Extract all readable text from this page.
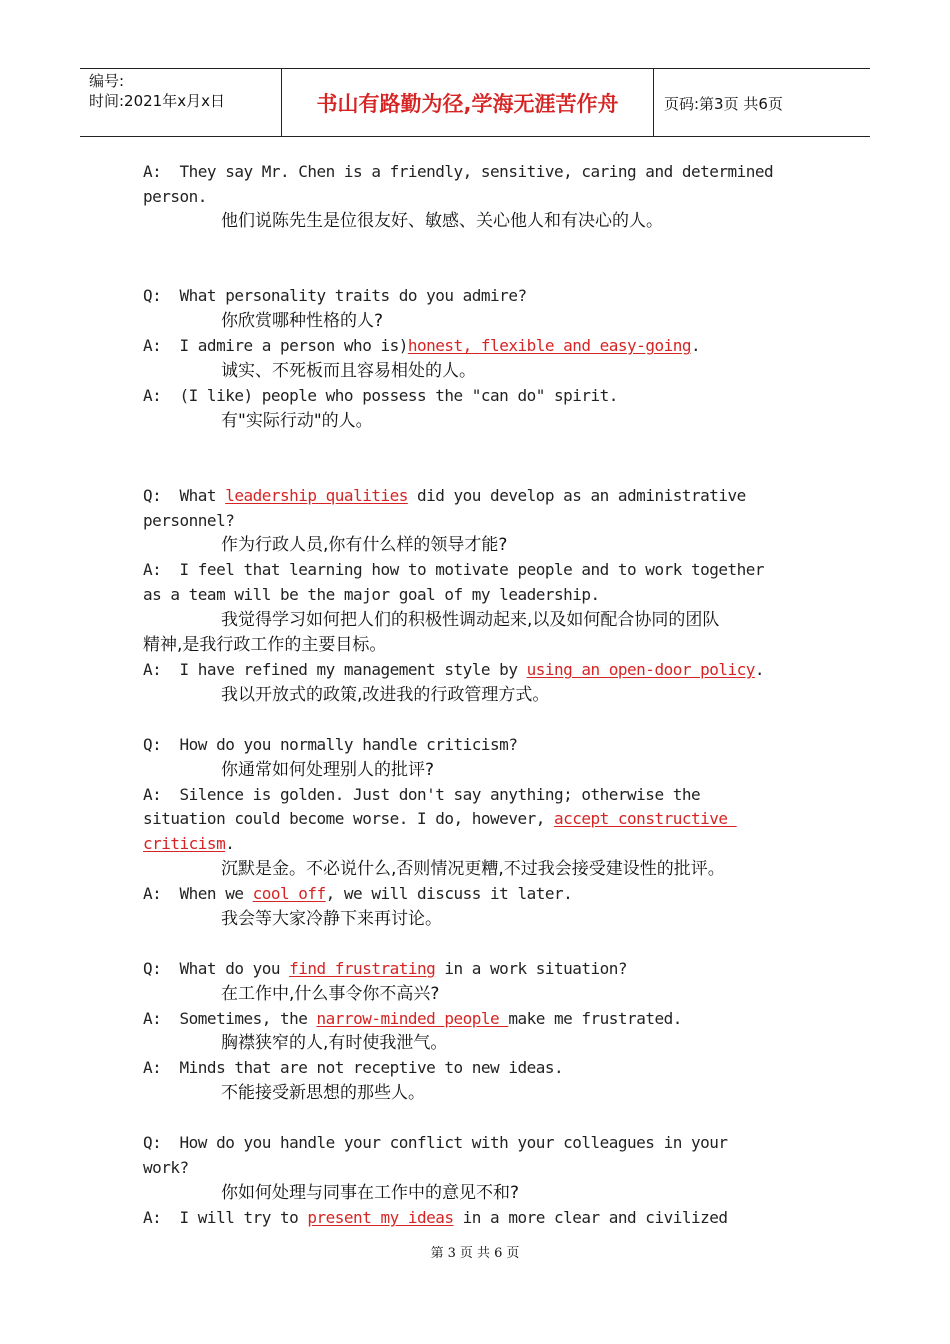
编号:
时间:2021年x月x日	书山有路勤为径,学海无涯苦作舟	页码:第3页 共6页
A:  They say Mr. Chen is a friendly, sensitive, caring and determined
person.
他们说陈先生是位很友好、敏感、关心他人和有决心的人。
Q:  What personality traits do you admire?
你欣赏哪种性格的人?
A:  I admire a person who is)honest, flexible and easy-going.
诚实、不死板而且容易相处的人。
A:  (I like) people who possess the "can do" spirit.
有"实际行动"的人。
Q:  What leadership qualities did you develop as an administrative
personnel?
作为行政人员,你有什么样的领导才能?
A:  I feel that learning how to motivate people and to work together
as a team will be the major goal of my leadership.
我觉得学习如何把人们的积极性调动起来,以及如何配合协同的团队
精神,是我行政工作的主要目标。
A:  I have refined my management style by using an open-door policy.
我以开放式的政策,改进我的行政管理方式。
Q:  How do you normally handle criticism?
你通常如何处理别人的批评?
A:  Silence is golden. Just don't say anything; otherwise the
situation could become worse. I do, however, accept constructive
criticism.
沉默是金。不必说什么,否则情况更糟,不过我会接受建设性的批评。
A:  When we cool off, we will discuss it later.
我会等大家冷静下来再讨论。
Q:  What do you find frustrating in a work situation?
在工作中,什么事令你不高兴?
A:  Sometimes, the narrow-minded people make me frustrated.
胸襟狭窄的人,有时使我泄气。
A:  Minds that are not receptive to new ideas.
不能接受新思想的那些人。
Q:  How do you handle your conflict with your colleagues in your
work?
你如何处理与同事在工作中的意见不和?
A:  I will try to present my ideas in a more clear and civilized
第 3 页 共 6 页
